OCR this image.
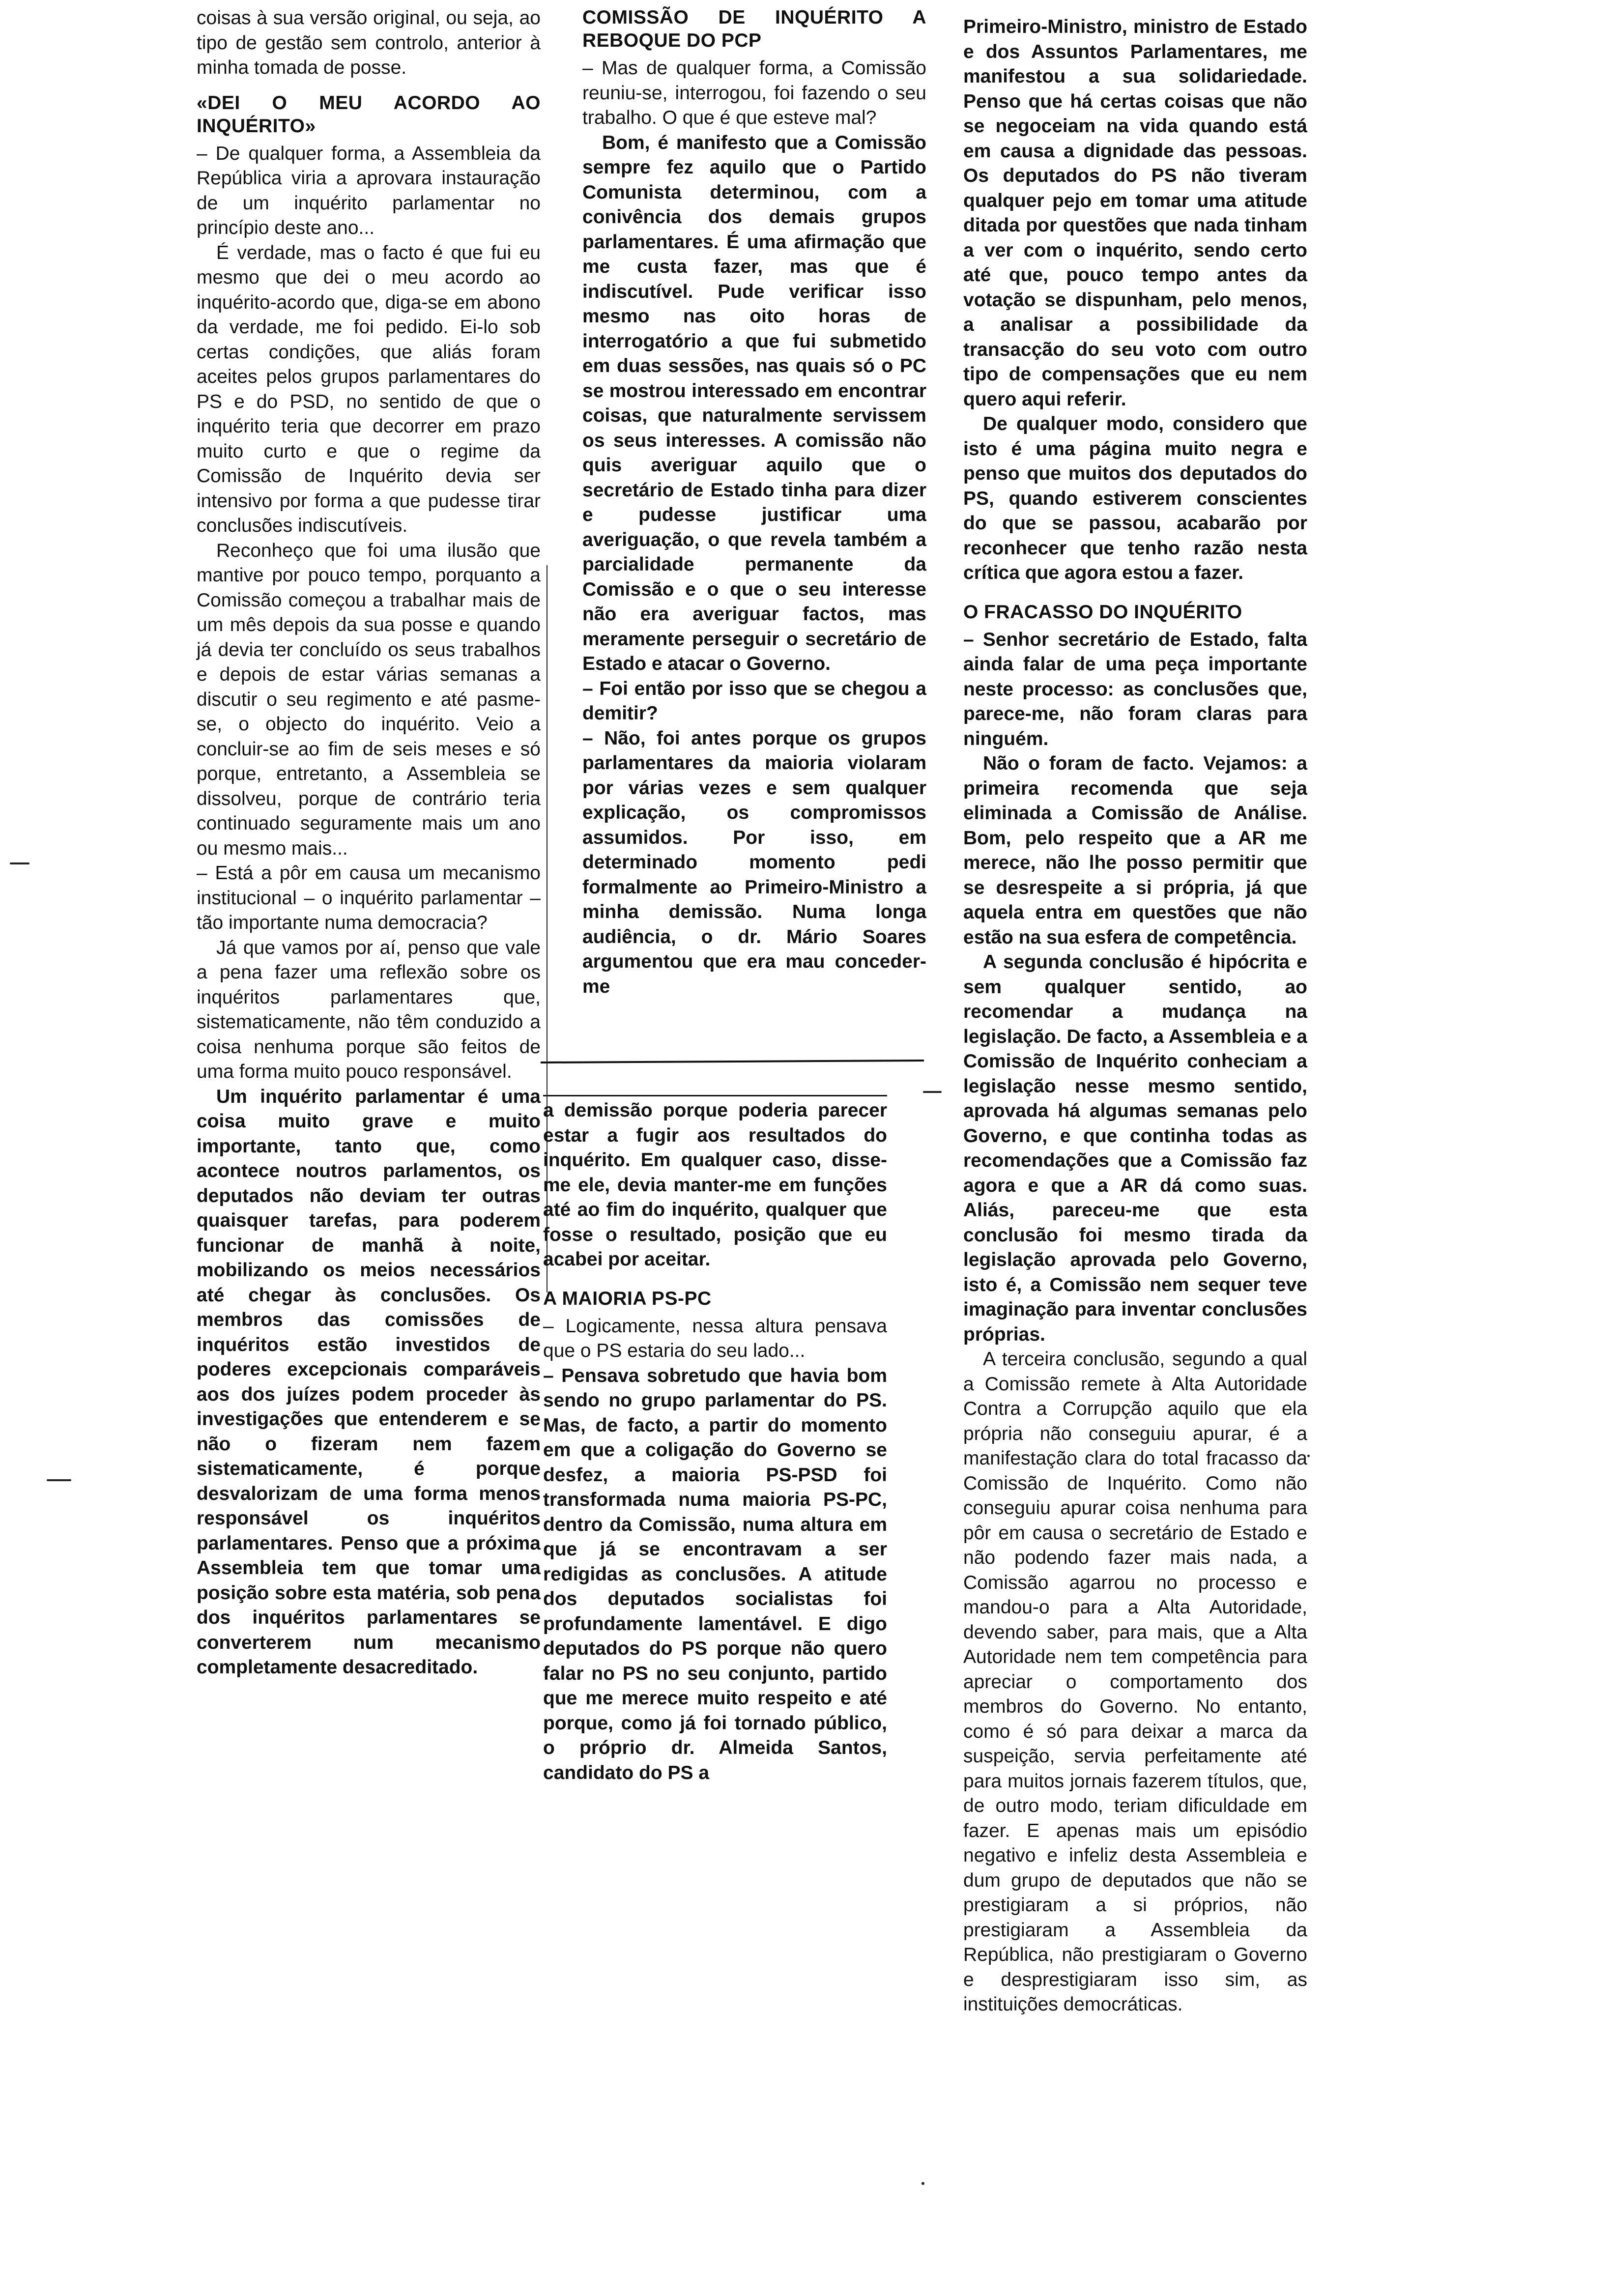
coisas à sua versão original, ou seja, ao tipo de gestão sem controlo, anterior à minha tomada de posse.

«DEI O MEU ACORDO AO INQUÉRITO»

– De qualquer forma, a Assembleia da República viria a aprovara instauração de um inquérito parlamentar no princípio deste ano...

É verdade, mas o facto é que fui eu mesmo que dei o meu acordo ao inquérito-acordo que, diga-se em abono da verdade, me foi pedido. Ei-lo sob certas condições, que aliás foram aceites pelos grupos parlamentares do PS e do PSD, no sentido de que o inquérito teria que decorrer em prazo muito curto e que o regime da Comissão de Inquérito devia ser intensivo por forma a que pudesse tirar conclusões indiscutíveis.

Reconheço que foi uma ilusão que mantive por pouco tempo, porquanto a Comissão começou a trabalhar mais de um mês depois da sua posse e quando já devia ter concluído os seus trabalhos e depois de estar várias semanas a discutir o seu regimento e até pasme-se, o objecto do inquérito. Veio a concluir-se ao fim de seis meses e só porque, entretanto, a Assembleia se dissolveu, porque de contrário teria continuado seguramente mais um ano ou mesmo mais...

– Está a pôr em causa um mecanismo institucional – o inquérito parlamentar – tão importante numa democracia?

Já que vamos por aí, penso que vale a pena fazer uma reflexão sobre os inquéritos parlamentares que, sistematicamente, não têm conduzido a coisa nenhuma porque são feitos de uma forma muito pouco responsável.

Um inquérito parlamentar é uma coisa muito grave e muito importante, tanto que, como acontece noutros parlamentos, os deputados não deviam ter outras quaisquer tarefas, para poderem funcionar de manhã à noite, mobilizando os meios necessários até chegar às conclusões. Os membros das comissões de inquéritos estão investidos de poderes excepcionais comparáveis aos dos juízes podem proceder às investigações que entenderem e se não o fizeram nem fazem sistematicamente, é porque desvalorizam de uma forma menos responsável os inquéritos parlamentares. Penso que a próxima Assembleia tem que tomar uma posição sobre esta matéria, sob pena dos inquéritos parlamentares se converterem num mecanismo completamente desacreditado.

COMISSÃO DE INQUÉRITO A REBOQUE DO PCP

– Mas de qualquer forma, a Comissão reuniu-se, interrogou, foi fazendo o seu trabalho. O que é que esteve mal?

Bom, é manifesto que a Comissão sempre fez aquilo que o Partido Comunista determinou, com a conivência dos demais grupos parlamentares. É uma afirmação que me custa fazer, mas que é indiscutível. Pude verificar isso mesmo nas oito horas de interrogatório a que fui submetido em duas sessões, nas quais só o PC se mostrou interessado em encontrar coisas, que naturalmente servissem os seus interesses. A comissão não quis averiguar aquilo que o secretário de Estado tinha para dizer e pudesse justificar uma averiguação, o que revela também a parcialidade permanente da Comissão e o que o seu interesse não era averiguar factos, mas meramente perseguir o secretário de Estado e atacar o Governo.

– Foi então por isso que se chegou a demitir?

– Não, foi antes porque os grupos parlamentares da maioria violaram por várias vezes e sem qualquer explicação, os compromissos assumidos. Por isso, em determinado momento pedi formalmente ao Primeiro-Ministro a minha demissão. Numa longa audiência, o dr. Mário Soares argumentou que era mau conceder-me

a demissão porque poderia parecer estar a fugir aos resultados do inquérito. Em qualquer caso, disse-me ele, devia manter-me em funções até ao fim do inquérito, qualquer que fosse o resultado, posição que eu acabei por aceitar.

A MAIORIA PS-PC

– Logicamente, nessa altura pensava que o PS estaria do seu lado...

– Pensava sobretudo que havia bom sendo no grupo parlamentar do PS. Mas, de facto, a partir do momento em que a coligação do Governo se desfez, a maioria PS-PSD foi transformada numa maioria PS-PC, dentro da Comissão, numa altura em que já se encontravam a ser redigidas as conclusões. A atitude dos deputados socialistas foi profundamente lamentável. E digo deputados do PS porque não quero falar no PS no seu conjunto, partido que me merece muito respeito e até porque, como já foi tornado público, o próprio dr. Almeida Santos, candidato do PS a

Primeiro-Ministro, ministro de Estado e dos Assuntos Parlamentares, me manifestou a sua solidariedade. Penso que há certas coisas que não se negoceiam na vida quando está em causa a dignidade das pessoas. Os deputados do PS não tiveram qualquer pejo em tomar uma atitude ditada por questões que nada tinham a ver com o inquérito, sendo certo até que, pouco tempo antes da votação se dispunham, pelo menos, a analisar a possibilidade da transacção do seu voto com outro tipo de compensações que eu nem quero aqui referir.

De qualquer modo, considero que isto é uma página muito negra e penso que muitos dos deputados do PS, quando estiverem conscientes do que se passou, acabarão por reconhecer que tenho razão nesta crítica que agora estou a fazer.

O FRACASSO DO INQUÉRITO

– Senhor secretário de Estado, falta ainda falar de uma peça importante neste processo: as conclusões que, parece-me, não foram claras para ninguém.

Não o foram de facto. Vejamos: a primeira recomenda que seja eliminada a Comissão de Análise. Bom, pelo respeito que a AR me merece, não lhe posso permitir que se desrespeite a si própria, já que aquela entra em questões que não estão na sua esfera de competência.

A segunda conclusão é hipócrita e sem qualquer sentido, ao recomendar a mudança na legislação. De facto, a Assembleia e a Comissão de Inquérito conheciam a legislação nesse mesmo sentido, aprovada há algumas semanas pelo Governo, e que continha todas as recomendações que a Comissão faz agora e que a AR dá como suas. Aliás, pareceu-me que esta conclusão foi mesmo tirada da legislação aprovada pelo Governo, isto é, a Comissão nem sequer teve imaginação para inventar conclusões próprias.

A terceira conclusão, segundo a qual a Comissão remete à Alta Autoridade Contra a Corrupção aquilo que ela própria não conseguiu apurar, é a manifestação clara do total fracasso da Comissão de Inquérito. Como não conseguiu apurar coisa nenhuma para pôr em causa o secretário de Estado e não podendo fazer mais nada, a Comissão agarrou no processo e mandou-o para a Alta Autoridade, devendo saber, para mais, que a Alta Autoridade nem tem competência para apreciar o comportamento dos membros do Governo. No entanto, como é só para deixar a marca da suspeição, servia perfeitamente até para muitos jornais fazerem títulos, que, de outro modo, teriam dificuldade em fazer. E apenas mais um episódio negativo e infeliz desta Assembleia e dum grupo de deputados que não se prestigiaram a si próprios, não prestigiaram a Assembleia da República, não prestigiaram o Governo e desprestigiaram isso sim, as instituições democráticas.
